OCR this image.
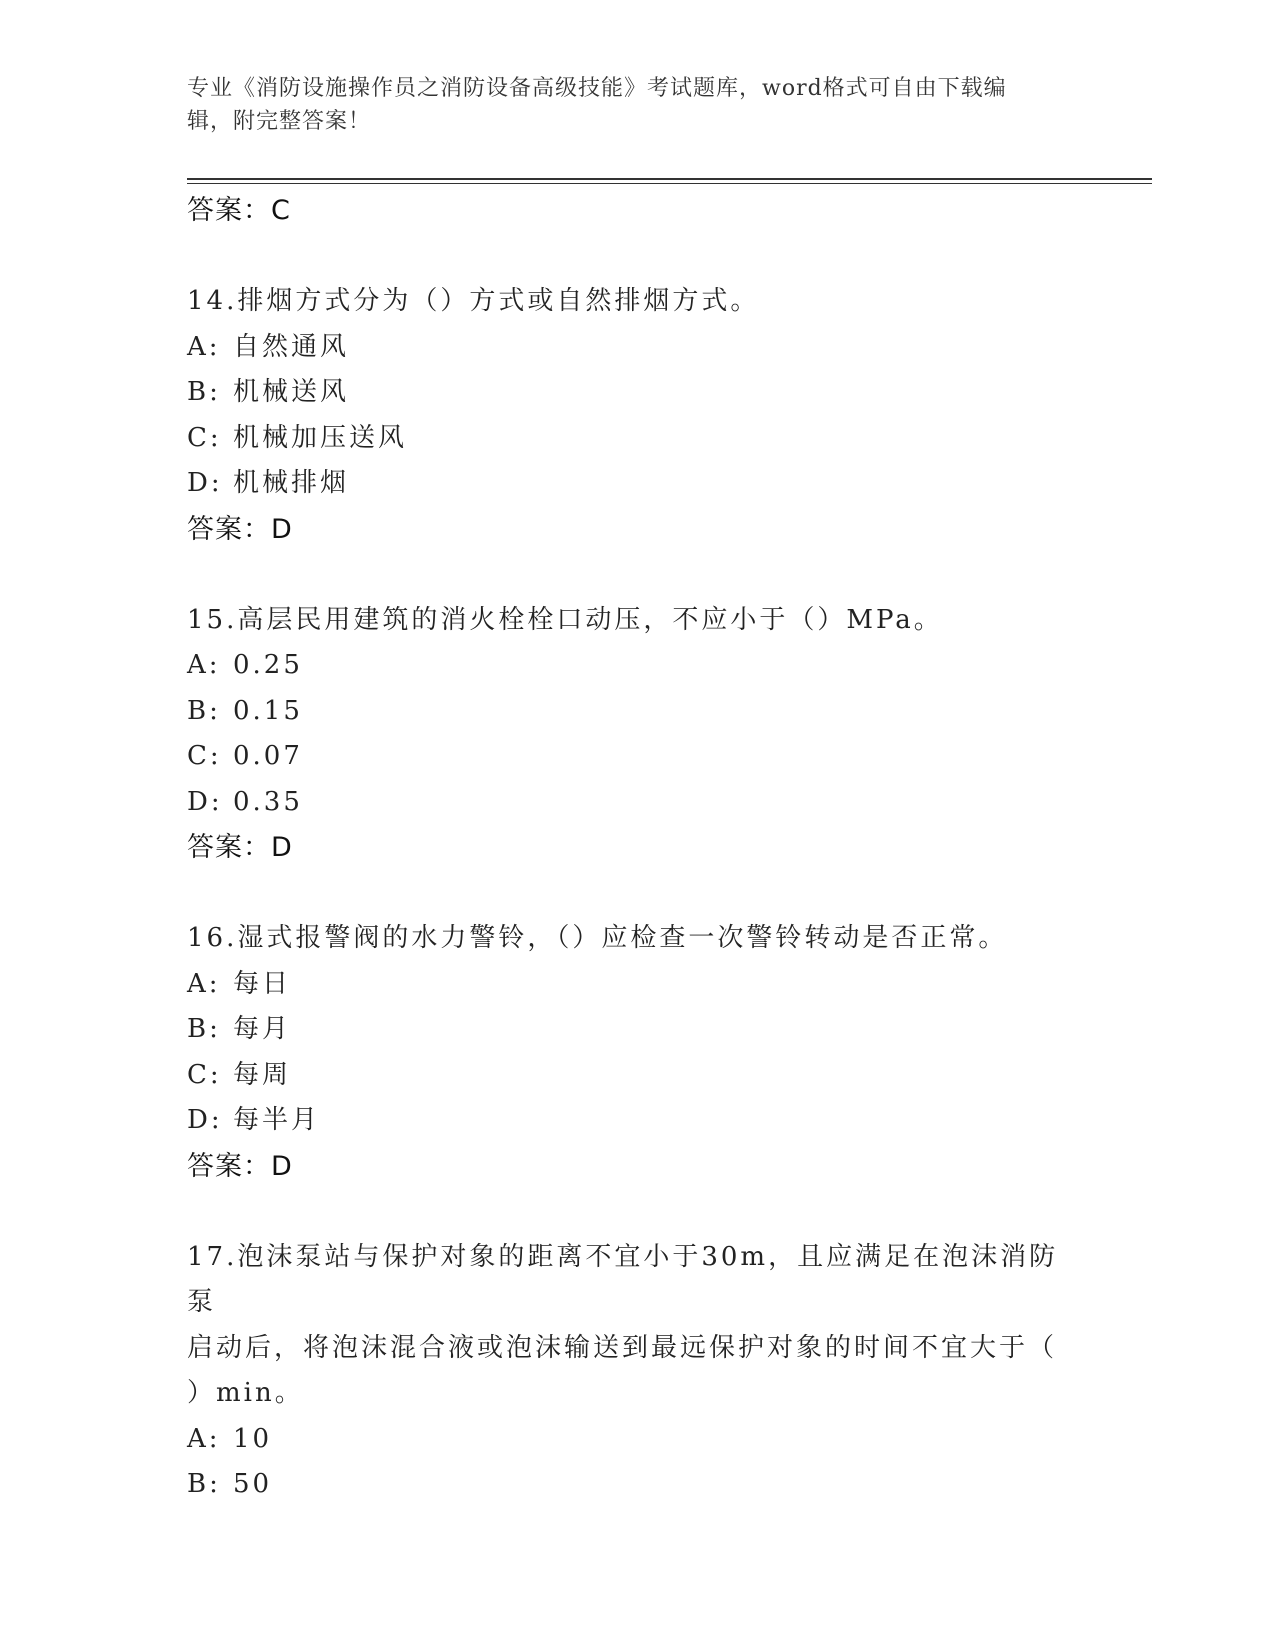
专业《消防设施操作员之消防设备高级技能》考试题库，word格式可自由下载编
辑，附完整答案！
答案：C
14.排烟方式分为（）方式或自然排烟方式。
A: 自然通风
B: 机械送风
C: 机械加压送风
D: 机械排烟
答案：D
15.高层民用建筑的消火栓栓口动压，不应小于（）MPa。
A: 0.25
B: 0.15
C: 0.07
D: 0.35
答案：D
16.湿式报警阀的水力警铃，（）应检查一次警铃转动是否正常。
A: 每日
B: 每月
C: 每周
D: 每半月
答案：D
17.泡沫泵站与保护对象的距离不宜小于30m，且应满足在泡沫消防泵
启动后，将泡沫混合液或泡沫输送到最远保护对象的时间不宜大于（
）min。
A: 10
B: 50
